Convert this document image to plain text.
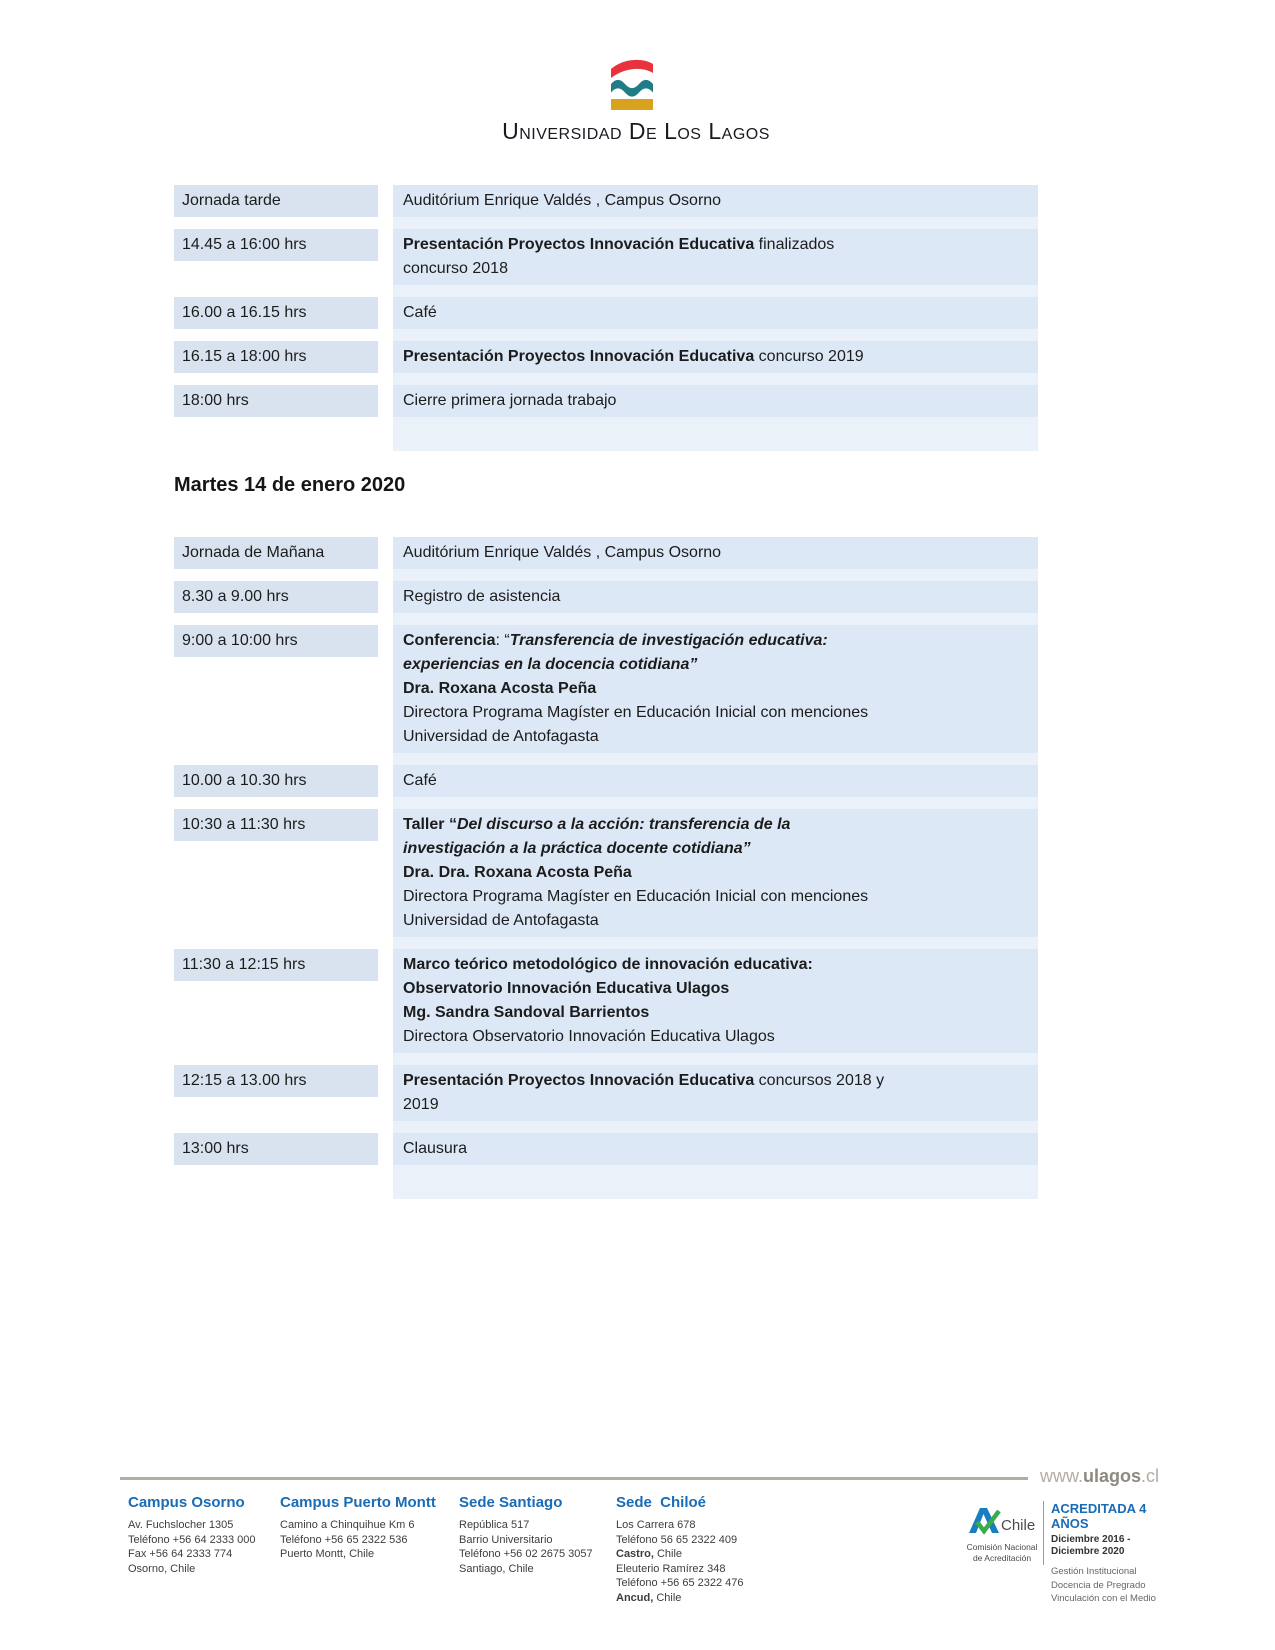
Universidad De Los Lagos
Jornada tarde	Auditórium Enrique Valdés , Campus Osorno
14.45 a 16:00 hrs	Presentación Proyectos Innovación Educativa finalizados
concurso 2018
16.00 a 16.15 hrs	Café
16.15 a 18:00 hrs	Presentación Proyectos Innovación Educativa concurso 2019
18:00 hrs	Cierre primera jornada trabajo
Martes 14 de enero 2020
Jornada de Mañana	Auditórium Enrique Valdés , Campus Osorno
8.30 a 9.00 hrs	Registro de asistencia
9:00 a 10:00 hrs	Conferencia: “Transferencia de investigación educativa:
experiencias en la docencia cotidiana”
Dra. Roxana Acosta Peña
Directora Programa Magíster en Educación Inicial con menciones
Universidad de Antofagasta
10.00 a 10.30 hrs	Café
10:30 a 11:30 hrs	Taller “Del discurso a la acción: transferencia de la
investigación a la práctica docente cotidiana”
Dra. Dra. Roxana Acosta Peña
Directora Programa Magíster en Educación Inicial con menciones
Universidad de Antofagasta
11:30 a 12:15 hrs	Marco teórico metodológico de innovación educativa:
Observatorio Innovación Educativa Ulagos
Mg. Sandra Sandoval Barrientos
Directora Observatorio Innovación Educativa Ulagos
12:15 a 13.00 hrs	Presentación Proyectos Innovación Educativa concursos 2018 y
2019
13:00 hrs	Clausura
www.ulagos.cl
Campus Osorno
Av. Fuchslocher 1305
Teléfono +56 64 2333 000
Fax +56 64 2333 774
Osorno, Chile
Campus Puerto Montt
Camino a Chinquihue Km 6
Teléfono +56 65 2322 536
Puerto Montt, Chile
Sede Santiago
República 517
Barrio Universitario
Teléfono +56 02 2675 3057
Santiago, Chile
Sede  Chiloé
Los Carrera 678
Teléfono 56 65 2322 409
Castro, Chile
Eleuterio Ramírez 348
Teléfono +56 65 2322 476
Ancud, Chile
Chile
Comisión Nacional
de Acreditación
ACREDITADA 4 AÑOS
Diciembre 2016 - Diciembre 2020
Gestión Institucional
Docencia de Pregrado
Vinculación con el Medio
